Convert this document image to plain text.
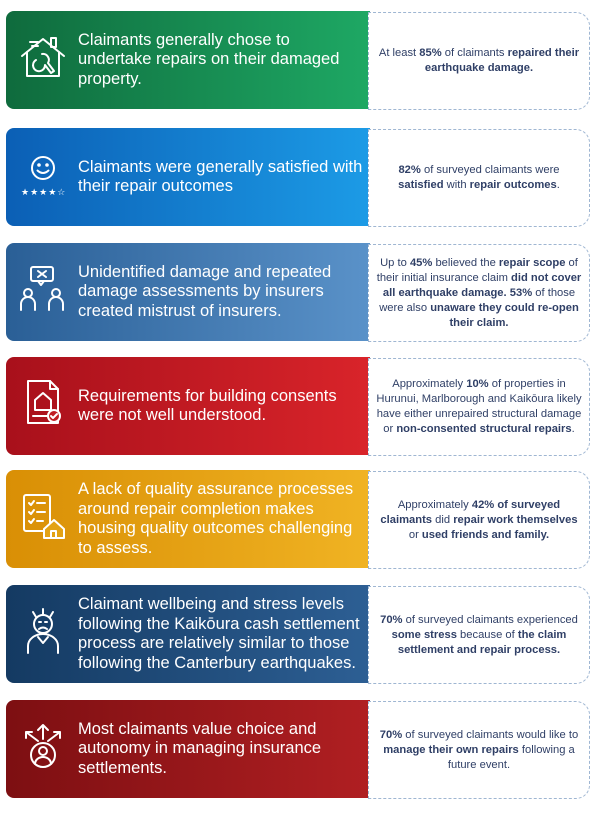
Claimants generally chose to undertake repairs on their damaged property.
At least 85% of claimants repaired their earthquake damage.
★★★★☆
Claimants were generally satisfied with their repair outcomes
82% of surveyed claimants were satisfied with repair outcomes.
Unidentified damage and repeated damage assessments by insurers created mistrust of insurers.
Up to 45% believed the repair scope of their initial insurance claim did not cover all earthquake damage. 53% of those were also unaware they could re-open their claim.
Requirements for building consents were not well understood.
Approximately 10% of properties in Hurunui, Marlborough and Kaikōura likely have either unrepaired structural damage or non-consented structural repairs.
A lack of quality assurance processes around repair completion makes housing quality outcomes challenging to assess.
Approximately 42% of surveyed claimants did repair work themselves or used friends and family.
Claimant wellbeing and stress levels following the Kaikōura cash settlement process are relatively similar to those following the Canterbury earthquakes.
70% of surveyed claimants experienced some stress because of the claim settlement and repair process.
Most claimants value choice and autonomy in managing insurance settlements.
70% of surveyed claimants would like to manage their own repairs following a future event.
